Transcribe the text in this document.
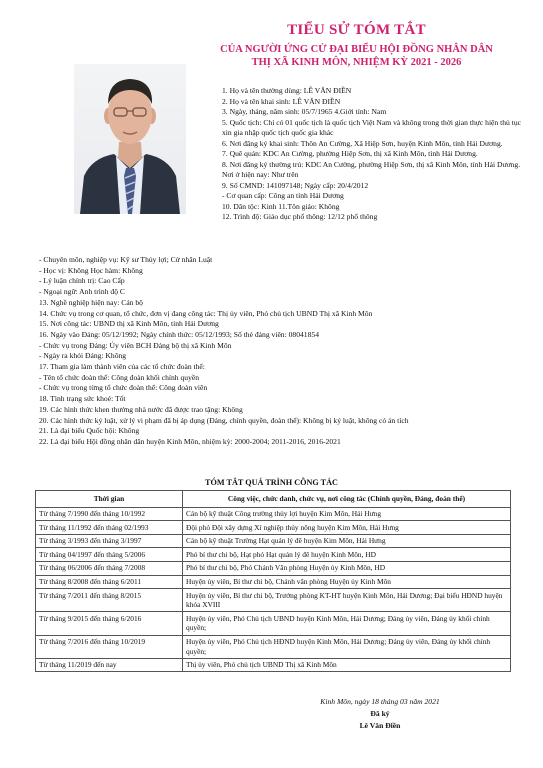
TIỂU SỬ TÓM TẮT
CỦA NGƯỜI ỨNG CỬ ĐẠI BIỂU HỘI ĐỒNG NHÂN DÂN
THỊ XÃ KINH MÔN, NHIỆM KỲ 2021 - 2026
1. Họ và tên thường dùng: LÊ VĂN ĐIỀN
2. Họ và tên khai sinh: LÊ VĂN ĐIỀN
3. Ngày, tháng, năm sinh: 05/7/1965 4.Giới tính: Nam
5. Quốc tịch: Chỉ có 01 quốc tịch là quốc tịch Việt Nam và không trong thời gian thực hiện thủ tục xin gia nhập quốc tịch quốc gia khác
6. Nơi đăng ký khai sinh: Thôn An Cường, Xã Hiệp Sơn, huyện Kinh Môn, tỉnh Hải Dương.
7. Quê quán: KDC An Cường, phường Hiệp Sơn, thị xã Kinh Môn, tỉnh Hải Dương.
8. Nơi đăng ký thường trú: KDC An Cường, phường Hiệp Sơn, thị xã Kinh Môn, tỉnh Hải Dương.
Nơi ở hiện nay: Như trên
9. Số CMND: 141097148; Ngày cấp: 20/4/2012
- Cơ quan cấp: Công an tỉnh Hải Dương
10. Dân tộc: Kinh 11.Tôn giáo: Không
12. Trình độ: Giáo dục phổ thông: 12/12 phổ thông
- Chuyên môn, nghiệp vụ: Kỹ sư Thủy lợi; Cử nhân Luật
- Học vị: Không Học hàm: Không
- Lý luận chính trị: Cao Cấp
- Ngoại ngữ: Anh trình độ C
13. Nghề nghiệp hiện nay: Cán bộ
14. Chức vụ trong cơ quan, tổ chức, đơn vị đang công tác: Thị ủy viên, Phó chủ tịch UBND Thị xã Kinh Môn
15. Nơi công tác: UBND thị xã Kinh Môn, tỉnh Hải Dương
16. Ngày vào Đảng: 05/12/1992; Ngày chính thức: 05/12/1993; Số thẻ đảng viên: 08041854
- Chức vụ trong Đảng: Ủy viên BCH Đảng bộ thị xã Kinh Môn
- Ngày ra khỏi Đảng: Không
17. Tham gia làm thành viên của các tổ chức đoàn thể:
- Tên tổ chức đoàn thể: Công đoàn khối chính quyền
- Chức vụ trong từng tổ chức đoàn thể: Công đoàn viên
18. Tình trạng sức khoẻ: Tốt
19. Các hình thức khen thưởng nhà nước đã được trao tặng: Không
20. Các hình thức kỷ luật, xử lý vi phạm đã bị áp dụng (Đảng, chính quyền, đoàn thể): Không bị kỷ luật, không có án tích
21. Là đại biểu Quốc hội: Không
22. Là đại biểu Hội đồng nhân dân huyện Kinh Môn, nhiệm kỳ: 2000-2004; 2011-2016, 2016-2021
TÓM TẮT QUÁ TRÌNH CÔNG TÁC
Thời gian	Công việc, chức danh, chức vụ, nơi công tác (Chính quyền, Đảng, đoàn thể)
Từ tháng 7/1990 đến tháng 10/1992	Cán bộ kỹ thuật Công trường thủy lợi huyện Kim Môn, Hải Hưng
Từ tháng 11/1992 đến tháng 02/1993	Đội phó Đội xây dựng Xí nghiệp thủy nông huyện Kim Môn, Hải Hưng
Từ tháng 3/1993 đến tháng 3/1997	Cán bộ kỹ thuật Trường Hạt quản lý đê huyện Kim Môn, Hải Hưng
Từ tháng 04/1997 đến tháng 5/2006	Phó bí thư chi bộ, Hạt phó Hạt quản lý đê huyện Kinh Môn, HD
Từ tháng 06/2006 đến tháng 7/2008	Phó bí thư chi bộ, Phó Chánh Văn phòng Huyện ủy Kinh Môn, HD
Từ tháng 8/2008 đến tháng 6/2011	Huyện ủy viên, Bí thư chi bộ, Chánh văn phòng Huyện ủy Kinh Môn
Từ tháng 7/2011 đến tháng 8/2015	Huyện ủy viên, Bí thư chi bộ, Trưởng phòng KT-HT huyện Kinh Môn, Hải Dương; Đại biểu HĐND huyện khóa XVIII
Từ tháng 9/2015 đến tháng 6/2016	Huyện ủy viên, Phó Chủ tịch UBND huyện Kinh Môn, Hải Dương; Đảng ủy viên, Đảng ủy khối chính quyền;
Từ tháng 7/2016 đến tháng 10/2019	Huyện ủy viên, Phó Chủ tịch HĐND huyện Kinh Môn, Hải Dương; Đảng ủy viên, Đảng ủy khối chính quyền;
Từ tháng 11/2019 đến nay	Thị ủy viên, Phó chủ tịch UBND Thị xã Kinh Môn
Kinh Môn, ngày 18 tháng 03 năm 2021
Đã ký
Lê Văn Điền
